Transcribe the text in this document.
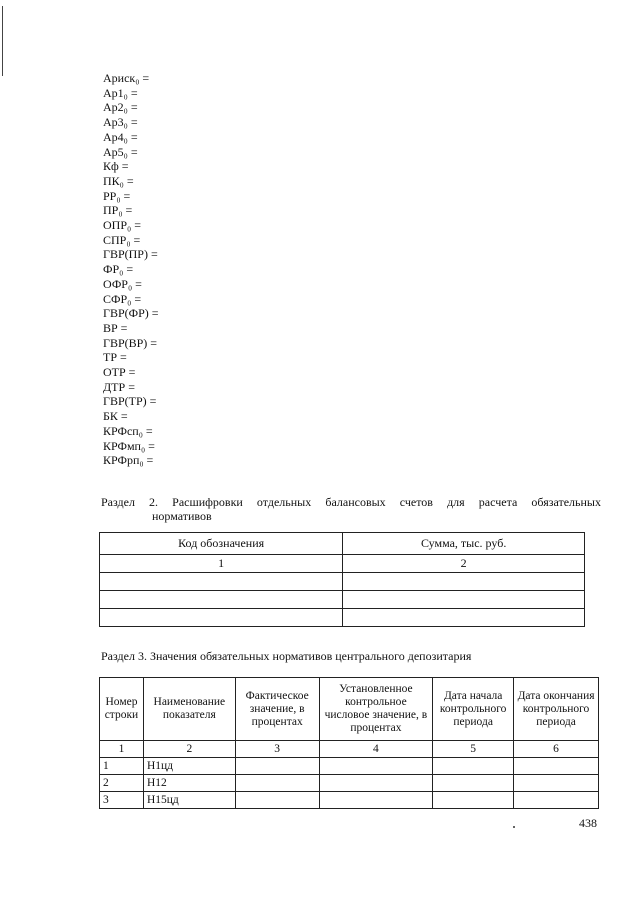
Ариск₀ =
Ар1₀ =
Ар2₀ =
Ар3₀ =
Ар4₀ =
Ар5₀ =
Кф =
ПК₀ =
РР₀ =
ПР₀ =
ОПР₀ =
СПР₀ =
ГВР(ПР) =
ФР₀ =
ОФР₀ =
СФР₀ =
ГВР(ФР) =
ВР =
ГВР(ВР) =
ТР =
ОТР =
ДТР =
ГВР(ТР) =
БК =
КРФсп₀ =
КРФмп₀ =
КРФрп₀ =
Раздел 2. Расшифровки отдельных балансовых счетов для расчета обязательных
нормативов
Код обозначения	Сумма, тыс. руб.
1	2

Раздел 3. Значения обязательных нормативов центрального депозитария
Номер строки	Наименование показателя	Фактическое значение, в процентах	Установленное контрольное числовое значение, в процентах	Дата начала контрольного периода	Дата окончания контрольного периода
1	2	3	4	5	6
1	Н1цд				
2	Н12				
3	Н15цд				
438
